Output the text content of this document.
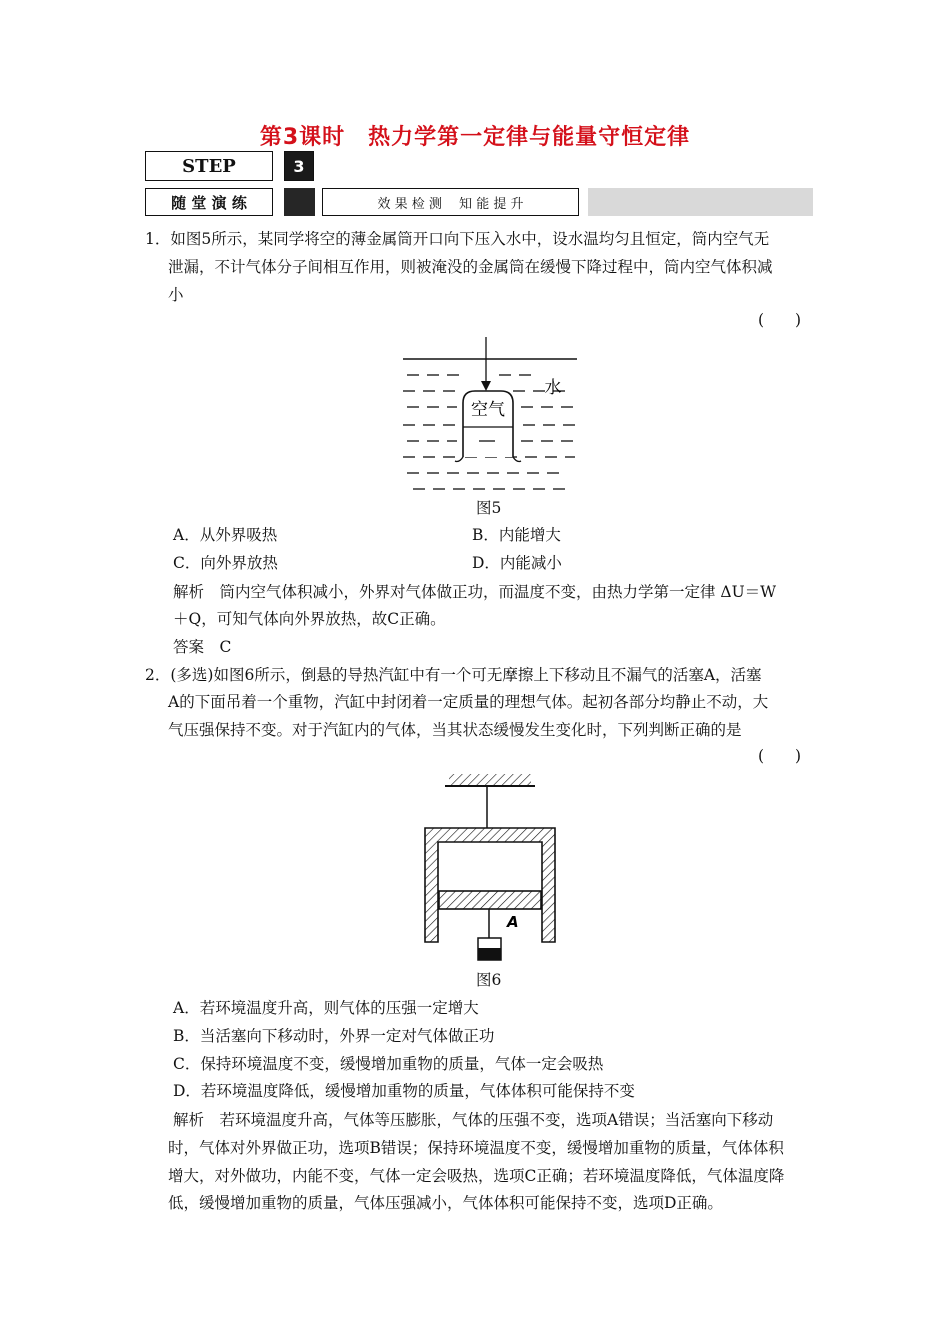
第3课时　热力学第一定律与能量守恒定律
STEP	3
随 堂 演 练	效 果 检 测　 知 能 提 升
1．如图5所示，某同学将空的薄金属筒开口向下压入水中，设水温均匀且恒定，筒内空气无
泄漏，不计气体分子间相互作用，则被淹没的金属筒在缓慢下降过程中，筒内空气体积减
小
(　　)
空气
水
图5
A．从外界吸热	B．内能增大
C．向外界放热	D．内能减小
解析　筒内空气体积减小，外界对气体做正功，而温度不变，由热力学第一定律 ΔU＝W
＋Q，可知气体向外界放热，故C正确。
答案　C
2．(多选)如图6所示，倒悬的导热汽缸中有一个可无摩擦上下移动且不漏气的活塞A，活塞
A的下面吊着一个重物，汽缸中封闭着一定质量的理想气体。起初各部分均静止不动，大
气压强保持不变。对于汽缸内的气体，当其状态缓慢发生变化时，下列判断正确的是
(　　)
A
图6
A．若环境温度升高，则气体的压强一定增大
B．当活塞向下移动时，外界一定对气体做正功
C．保持环境温度不变，缓慢增加重物的质量，气体一定会吸热
D．若环境温度降低，缓慢增加重物的质量，气体体积可能保持不变
解析　若环境温度升高，气体等压膨胀，气体的压强不变，选项A错误；当活塞向下移动
时，气体对外界做正功，选项B错误；保持环境温度不变，缓慢增加重物的质量，气体体积
增大，对外做功，内能不变，气体一定会吸热，选项C正确；若环境温度降低，气体温度降
低，缓慢增加重物的质量，气体压强减小，气体体积可能保持不变，选项D正确。
